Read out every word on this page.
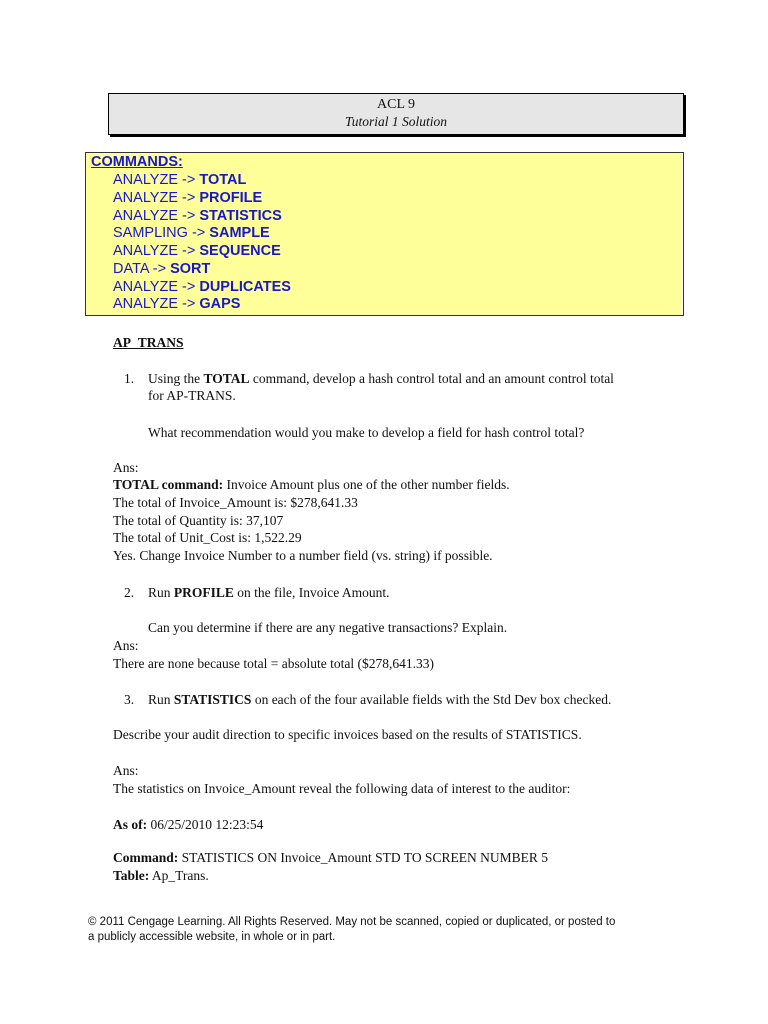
ACL 9
Tutorial 1 Solution
COMMANDS:
ANALYZE -> TOTAL
ANALYZE -> PROFILE
ANALYZE -> STATISTICS
SAMPLING -> SAMPLE
ANALYZE -> SEQUENCE
DATA -> SORT
ANALYZE -> DUPLICATES
ANALYZE -> GAPS
AP_TRANS
1. Using the TOTAL command, develop a hash control total and an amount control total
for AP-TRANS.
What recommendation would you make to develop a field for hash control total?
Ans:
TOTAL command: Invoice Amount plus one of the other number fields.
The total of Invoice_Amount is: $278,641.33
The total of Quantity is: 37,107
The total of Unit_Cost is: 1,522.29
Yes. Change Invoice Number to a number field (vs. string) if possible.
2. Run PROFILE on the file, Invoice Amount.
Can you determine if there are any negative transactions? Explain.
Ans:
There are none because total = absolute total ($278,641.33)
3. Run STATISTICS on each of the four available fields with the Std Dev box checked.
Describe your audit direction to specific invoices based on the results of STATISTICS.
Ans:
The statistics on Invoice_Amount reveal the following data of interest to the auditor:
As of: 06/25/2010 12:23:54
Command: STATISTICS ON Invoice_Amount STD TO SCREEN NUMBER 5
Table: Ap_Trans.
© 2011 Cengage Learning. All Rights Reserved. May not be scanned, copied or duplicated, or posted to
a publicly accessible website, in whole or in part.
